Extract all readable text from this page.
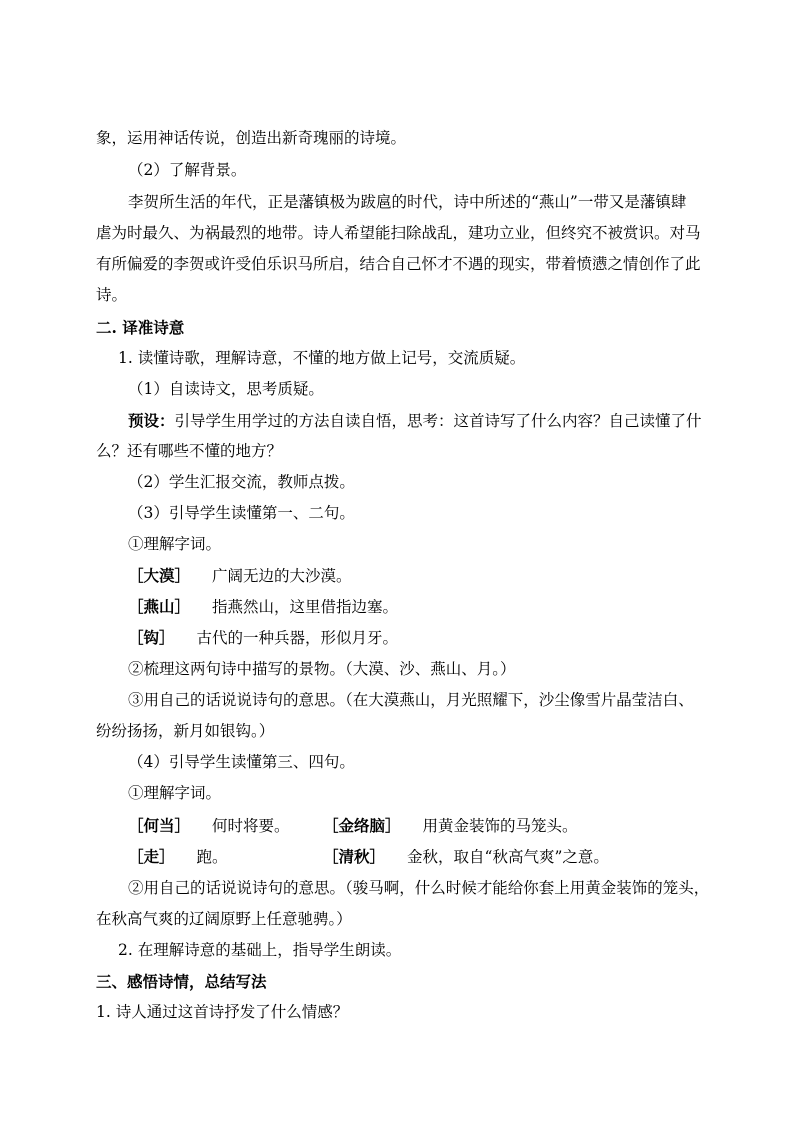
象，运用神话传说，创造出新奇瑰丽的诗境。
（2）了解背景。
李贺所生活的年代，正是藩镇极为跋扈的时代，诗中所述的“燕山”一带又是藩镇肆
虐为时最久、为祸最烈的地带。诗人希望能扫除战乱，建功立业，但终究不被赏识。对马
有所偏爱的李贺或许受伯乐识马所启，结合自己怀才不遇的现实，带着愤懑之情创作了此
诗。
二. 译准诗意
1. 读懂诗歌，理解诗意，不懂的地方做上记号，交流质疑。
（1）自读诗文，思考质疑。
预设：引导学生用学过的方法自读自悟，思考：这首诗写了什么内容？自己读懂了什
么？还有哪些不懂的地方？
（2）学生汇报交流，教师点拨。
（3）引导学生读懂第一、二句。
①理解字词。
［大漠］ 广阔无边的大沙漠。
［燕山］ 指燕然山，这里借指边塞。
［钩］ 古代的一种兵器，形似月牙。
②梳理这两句诗中描写的景物。（大漠、沙、燕山、月。）
③用自己的话说说诗句的意思。（在大漠燕山，月光照耀下，沙尘像雪片晶莹洁白、
纷纷扬扬，新月如银钩。）
（4）引导学生读懂第三、四句。
①理解字词。
［何当］ 何时将要。 ［金络脑］ 用黄金装饰的马笼头。
［走］ 跑。	［清秋］ 金秋，取自“秋高气爽”之意。
②用自己的话说说诗句的意思。（骏马啊，什么时候才能给你套上用黄金装饰的笼头，
在秋高气爽的辽阔原野上任意驰骋。）
2. 在理解诗意的基础上，指导学生朗读。
三、感悟诗情，总结写法
1. 诗人通过这首诗抒发了什么情感？
